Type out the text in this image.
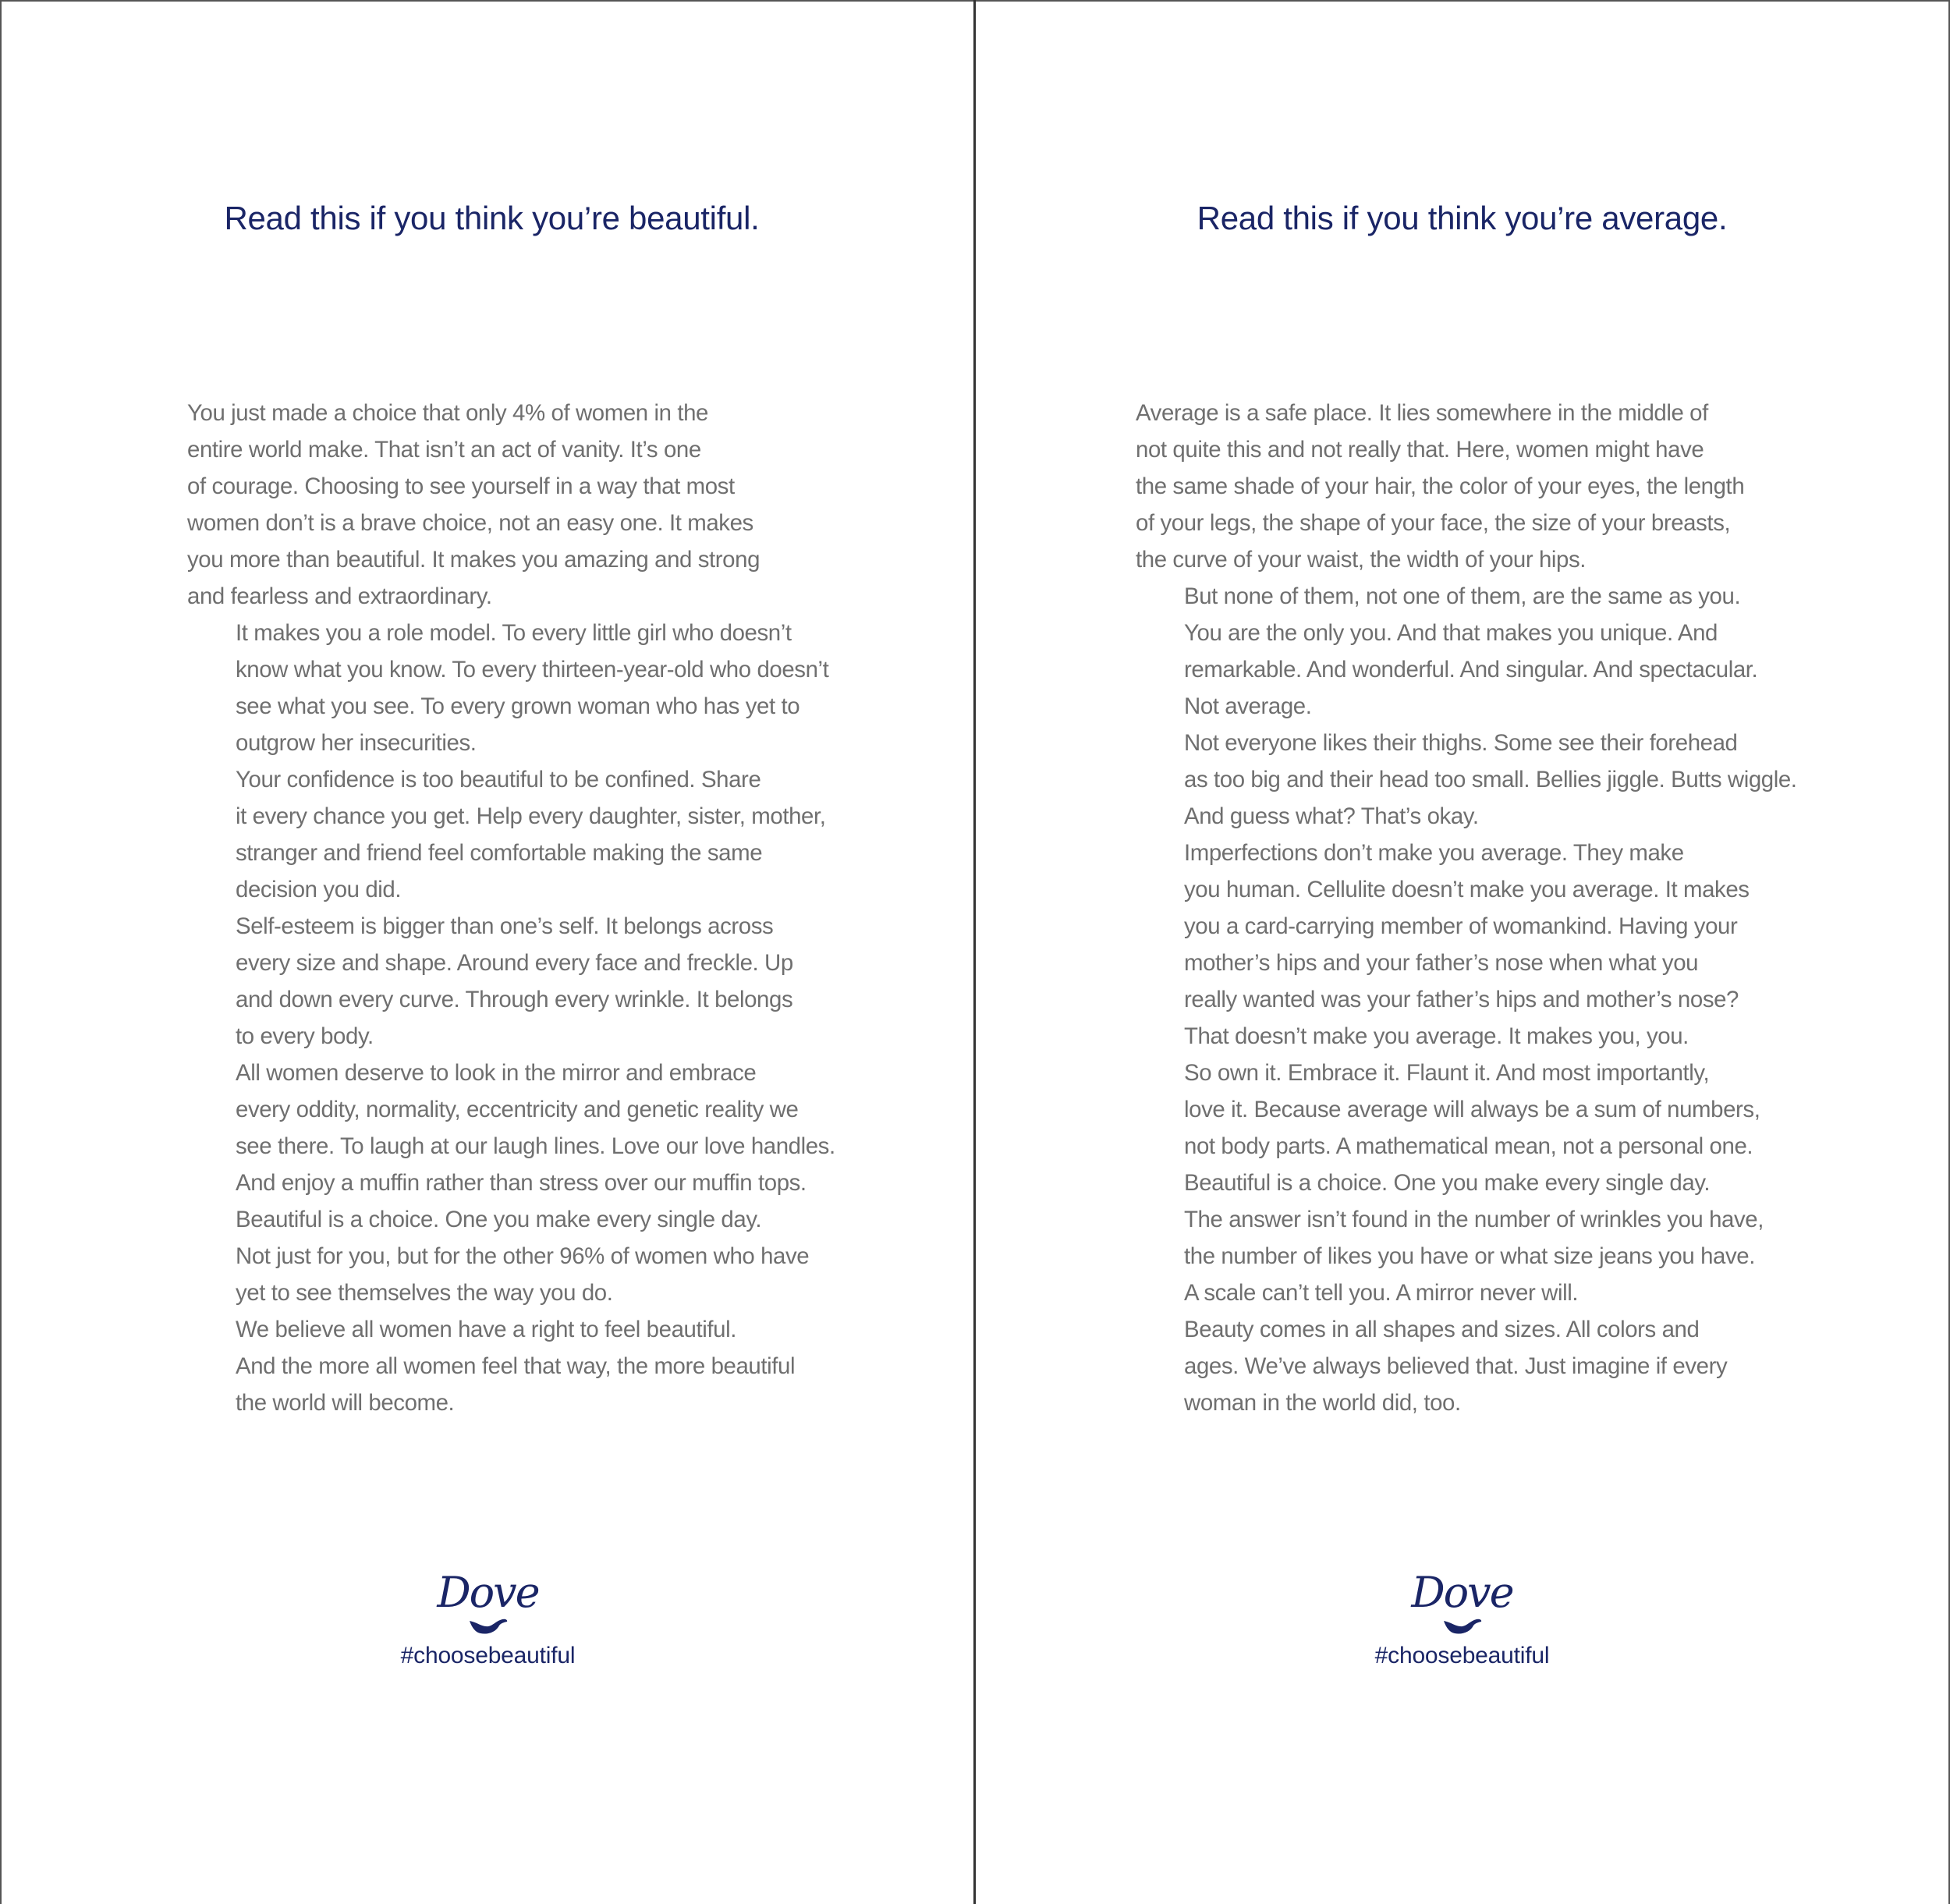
Read this if you think you’re beautiful.

You just made a choice that only 4% of women in the
entire world make. That isn’t an act of vanity. It’s one
of courage. Choosing to see yourself in a way that most
women don’t is a brave choice, not an easy one. It makes
you more than beautiful. It makes you amazing and strong
and fearless and extraordinary.

It makes you a role model. To every little girl who doesn’t
know what you know. To every thirteen-year-old who doesn’t
see what you see. To every grown woman who has yet to
outgrow her insecurities.

Your confidence is too beautiful to be confined. Share
it every chance you get. Help every daughter, sister, mother,
stranger and friend feel comfortable making the same
decision you did.

Self-esteem is bigger than one’s self. It belongs across
every size and shape. Around every face and freckle. Up
and down every curve. Through every wrinkle. It belongs
to every body.

All women deserve to look in the mirror and embrace
every oddity, normality, eccentricity and genetic reality we
see there. To laugh at our laugh lines. Love our love handles.
And enjoy a muffin rather than stress over our muffin tops.

Beautiful is a choice. One you make every single day.
Not just for you, but for the other 96% of women who have
yet to see themselves the way you do.

We believe all women have a right to feel beautiful.
And the more all women feel that way, the more beautiful
the world will become.

Dove
#choosebeautiful
Read this if you think you’re average.

Average is a safe place. It lies somewhere in the middle of
not quite this and not really that. Here, women might have
the same shade of your hair, the color of your eyes, the length
of your legs, the shape of your face, the size of your breasts,
the curve of your waist, the width of your hips.

But none of them, not one of them, are the same as you.
You are the only you. And that makes you unique. And
remarkable. And wonderful. And singular. And spectacular.
Not average.

Not everyone likes their thighs. Some see their forehead
as too big and their head too small. Bellies jiggle. Butts wiggle.
And guess what? That’s okay.

Imperfections don’t make you average. They make
you human. Cellulite doesn’t make you average. It makes
you a card-carrying member of womankind. Having your
mother’s hips and your father’s nose when what you
really wanted was your father’s hips and mother’s nose?
That doesn’t make you average. It makes you, you.

So own it. Embrace it. Flaunt it. And most importantly,
love it. Because average will always be a sum of numbers,
not body parts. A mathematical mean, not a personal one.

Beautiful is a choice. One you make every single day.
The answer isn’t found in the number of wrinkles you have,
the number of likes you have or what size jeans you have.
A scale can’t tell you. A mirror never will.

Beauty comes in all shapes and sizes. All colors and
ages. We’ve always believed that. Just imagine if every
woman in the world did, too.

Dove
#choosebeautiful
